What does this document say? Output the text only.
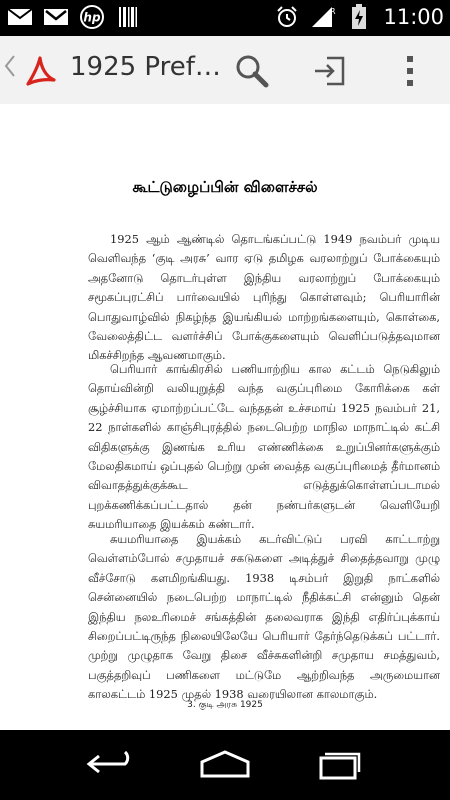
hp	R 11:00
1925 Pref…
கூட்டுழைப்பின் விளைச்சல்
1925 ஆம் ஆண்டில் தொடங்கப்பட்டு 1949 நவம்பர் முடிய வெளிவந்த ‘குடி அரசு’ வார ஏடு தமிழக வரலாற்றுப் போக்கையும் அதனோடு தொடர்புள்ள இந்திய வரலாற்றுப் போக்கையும் சமூகப்புரட்சிப் பார்வையில் புரிந்து கொள்ளவும்; பெரியாரின் பொதுவாழ்வில் நிகழ்ந்த இயங்கியல் மாற்றங்களையும், கொள்கை, வேலைத்திட்ட வளர்ச்சிப் போக்குகளையும் வெளிப்படுத்தவுமான மிகச்சிறந்த ஆவணமாகும்.
பெரியார் காங்கிரசில் பணியாற்றிய கால கட்டம் நெடுகிலும் தொய்வின்றி வலியுறுத்தி வந்த வகுப்புரிமை கோரிக்கை கள் சூழ்ச்சியாக ஏமாற்றப்பட்டே வந்ததன் உச்சமாய் 1925 நவம்பர் 21, 22 நாள்களில் காஞ்சிபுரத்தில் நடைபெற்ற மாநில மாநாட்டில் கட்சி விதிகளுக்கு இணங்க உரிய எண்ணிக்கை உறுப்பினர்களுக்கும் மேலதிகமாய் ஒப்புதல் பெற்று முன் வைத்த வகுப்புரிமைத் தீர்மானம் விவாதத்துக்குக்கூட எடுத்துக்கொள்ளப்படாமல் புறக்கணிக்கப்பட்டதால் தன் நண்பர்களுடன் வெளியேறி சுயமரியாதை இயக்கம் கண்டார்.
சுயமரியாதை இயக்கம் கடர்விட்டுப் பரவி காட்டாற்று வெள்ளம்போல் சமுதாயச் சகடுகளை அடித்துச் சிதைத்தவாறு முழு வீச்சோடு களமிறங்கியது. 1938 டிசம்பர் இறுதி நாட்களில் சென்னையில் நடைபெற்ற மாநாட்டில் நீதிக்கட்சி என்னும் தென் இந்திய நலஉரிமைச் சங்கத்தின் தலைவராக இந்தி எதிர்ப்புக்காய் சிறைப்பட்டிருந்த நிலையிலேயே பெரியார் தேர்ந்தெடுக்கப் பட்டார். முற்று முழுதாக வேறு திசை வீச்சுகளின்றி சமுதாய சமத்துவம், பகுத்தறிவுப் பணிகளை மட்டுமே ஆற்றிவந்த அருமையான காலகட்டம் 1925 முதல் 1938 வரையிலான காலமாகும்.
3. குடி அரசு 1925
